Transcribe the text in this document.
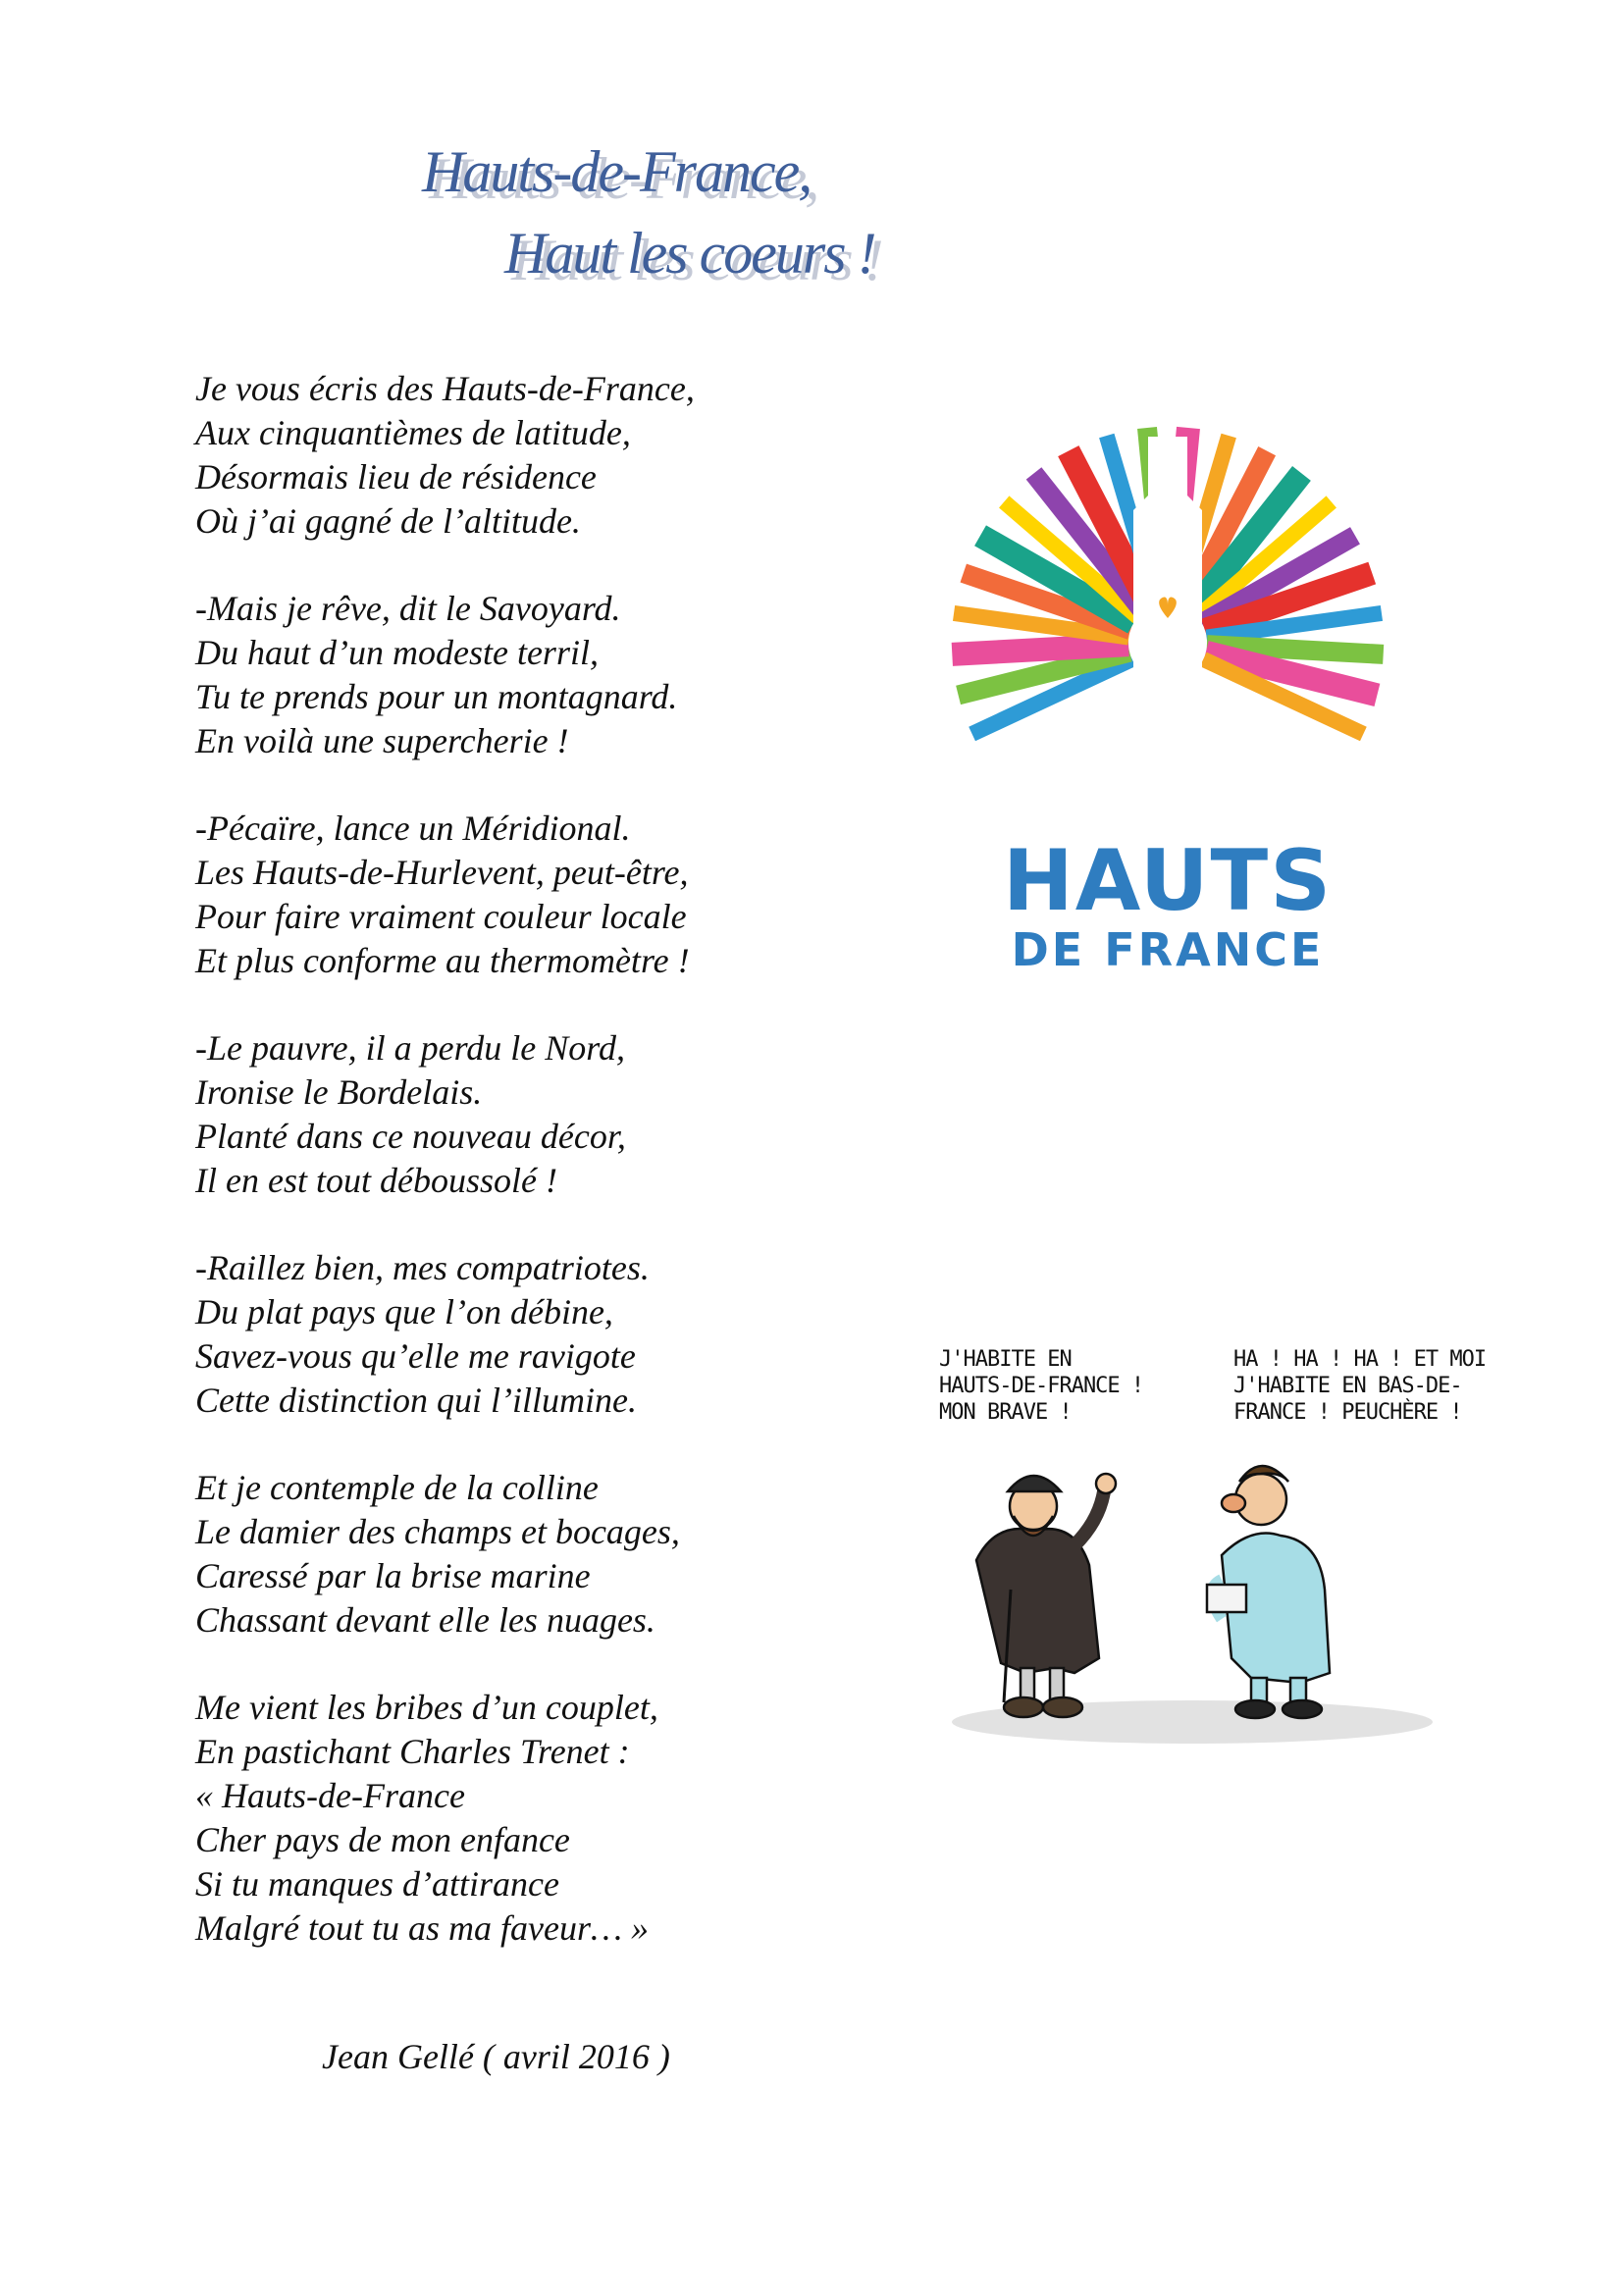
Hauts-de-France,
Haut les coeurs !
Je vous écris des Hauts-de-France,
Aux cinquantièmes de latitude,
Désormais lieu de résidence
Où j’ai gagné de l’altitude.
-Mais je rêve, dit le Savoyard.
Du haut d’un modeste terril,
Tu te prends pour un montagnard.
En voilà une supercherie !
-Pécaïre, lance un Méridional.
Les Hauts-de-Hurlevent, peut-être,
Pour faire vraiment couleur locale
Et plus conforme au thermomètre !
-Le pauvre, il a perdu le Nord,
Ironise le Bordelais.
Planté dans ce nouveau décor,
Il en est tout déboussolé !
-Raillez bien, mes compatriotes.
Du plat pays que l’on débine,
Savez-vous qu’elle me ravigote
Cette distinction qui l’illumine.
Et je contemple de la colline
Le damier des champs et bocages,
Caressé par la brise marine
Chassant devant elle les nuages.
Me vient les bribes d’un couplet,
En pastichant Charles Trenet :
« Hauts-de-France
Cher pays de mon enfance
Si tu manques d’attirance
Malgré tout tu as ma faveur… »
Jean Gellé ( avril 2016 )
HAUTS
DE FRANCE
J'HABITE EN
HAUTS-DE-FRANCE !
MON BRAVE !
HA ! HA ! HA ! ET MOI
J'HABITE EN BAS-DE-
FRANCE ! PEUCHÈRE !
